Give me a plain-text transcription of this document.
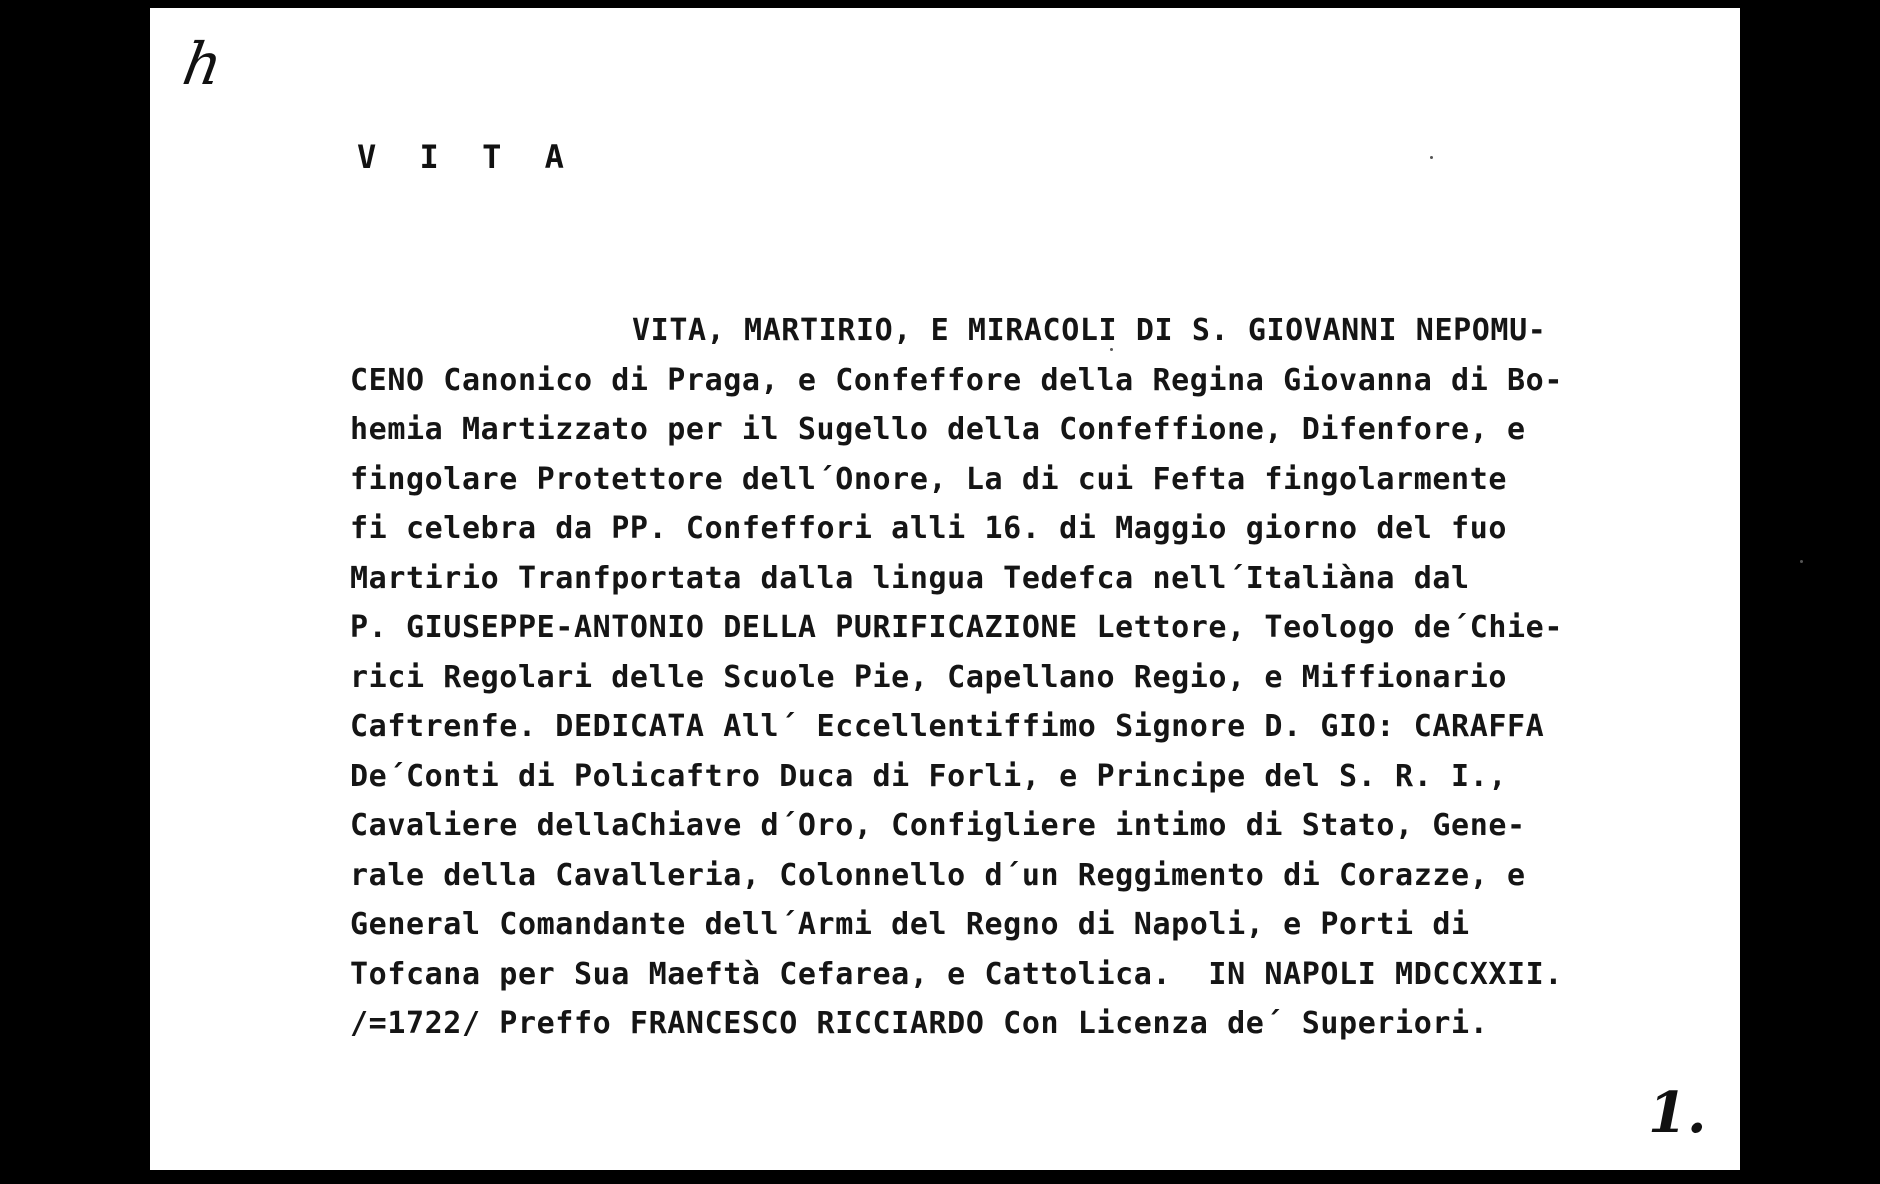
h
V I T A
VITA, MARTIRIO, E MIRACOLI DI S. GIOVANNI NEPOMU-
CENO Canonico di Praga, e Confeffore della Regina Giovanna di Bo-
hemia Martizzato per il Sugello della Confeffione, Difenfore, e
fingolare Protettore dell´Onore, La di cui Fefta fingolarmente
fi celebra da PP. Confeffori alli 16. di Maggio giorno del fuo
Martirio Tranfportata dalla lingua Tedefca nell´Italiàna dal
P. GIUSEPPE-ANTONIO DELLA PURIFICAZIONE Lettore, Teologo de´Chie-
rici Regolari delle Scuole Pie, Capellano Regio, e Miffionario
Caftrenfe. DEDICATA All´ Eccellentiffimo Signore D. GIO: CARAFFA
De´Conti di Policaftro Duca di Forli, e Principe del S. R. I.,
Cavaliere dellaChiave d´Oro, Configliere intimo di Stato, Gene-
rale della Cavalleria, Colonnello d´un Reggimento di Corazze, e
General Comandante dell´Armi del Regno di Napoli, e Porti di
Tofcana per Sua Maeftà Cefarea, e Cattolica.  IN NAPOLI MDCCXXII.
/=1722/ Preffo FRANCESCO RICCIARDO Con Licenza de´ Superiori.
1.
